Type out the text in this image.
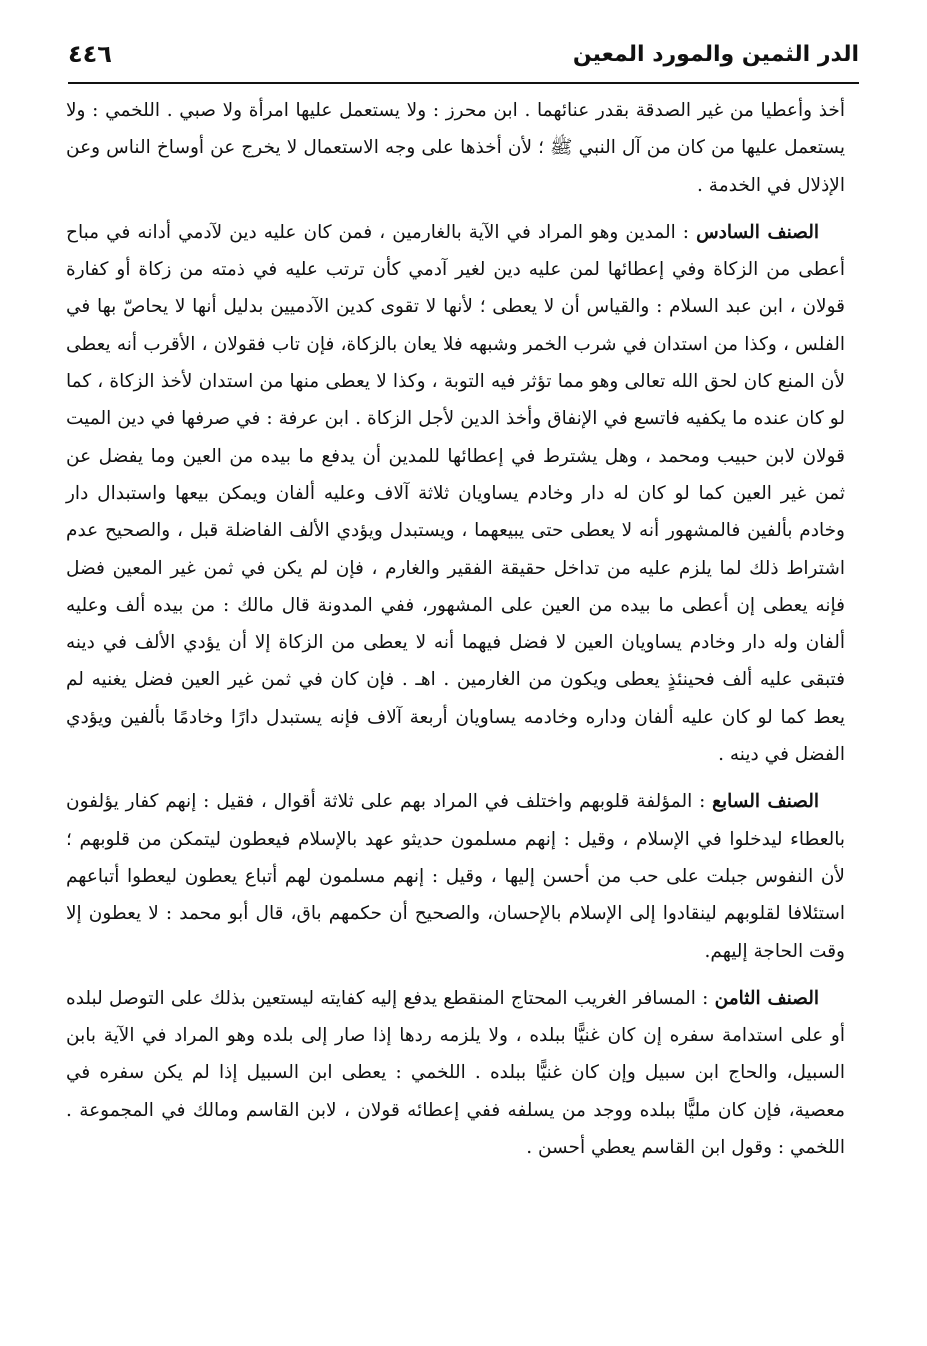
الدر الثمين والمورد المعين
٤٤٦

أخذ وأعطيا من غير الصدقة بقدر عنائهما . ابن محرز : ولا يستعمل عليها امرأة ولا صبي . اللخمي : ولا يستعمل عليها من كان من آل النبي ﷺ ؛ لأن أخذها على وجه الاستعمال لا يخرج عن أوساخ الناس وعن الإذلال في الخدمة .

الصنف السادس : المدين وهو المراد في الآية بالغارمين ، فمن كان عليه دين لآدمي أدانه في مباح أعطى من الزكاة وفي إعطائها لمن عليه دين لغير آدمي كأن ترتب عليه في ذمته من زكاة أو كفارة قولان ، ابن عبد السلام : والقياس أن لا يعطى ؛ لأنها لا تقوى كدين الآدميين بدليل أنها لا يحاصّ بها في الفلس ، وكذا من استدان في شرب الخمر وشبهه فلا يعان بالزكاة، فإن تاب فقولان ، الأقرب أنه يعطى لأن المنع كان لحق الله تعالى وهو مما تؤثر فيه التوبة ، وكذا لا يعطى منها من استدان لأخذ الزكاة ، كما لو كان عنده ما يكفيه فاتسع في الإنفاق وأخذ الدين لأجل الزكاة . ابن عرفة : في صرفها في دين الميت قولان لابن حبيب ومحمد ، وهل يشترط في إعطائها للمدين أن يدفع ما بيده من العين وما يفضل عن ثمن غير العين كما لو كان له دار وخادم يساويان ثلاثة آلاف وعليه ألفان ويمكن بيعها واستبدال دار وخادم بألفين فالمشهور أنه لا يعطى حتى يبيعهما ، ويستبدل ويؤدي الألف الفاضلة قبل ، والصحيح عدم اشتراط ذلك لما يلزم عليه من تداخل حقيقة الفقير والغارم ، فإن لم يكن في ثمن غير المعين فضل فإنه يعطى إن أعطى ما بيده من العين على المشهور، ففي المدونة قال مالك : من بيده ألف وعليه ألفان وله دار وخادم يساويان العين لا فضل فيهما أنه لا يعطى من الزكاة إلا أن يؤدي الألف في دينه فتبقى عليه ألف فحينئذٍ يعطى ويكون من الغارمين . اهـ . فإن كان في ثمن غير العين فضل يغنيه لم يعط كما لو كان عليه ألفان وداره وخادمه يساويان أربعة آلاف فإنه يستبدل دارًا وخادمًا بألفين ويؤدي الفضل في دينه .

الصنف السابع : المؤلفة قلوبهم واختلف في المراد بهم على ثلاثة أقوال ، فقيل : إنهم كفار يؤلفون بالعطاء ليدخلوا في الإسلام ، وقيل : إنهم مسلمون حديثو عهد بالإسلام فيعطون ليتمكن من قلوبهم ؛ لأن النفوس جبلت على حب من أحسن إليها ، وقيل : إنهم مسلمون لهم أتباع يعطون ليعطوا أتباعهم استئلافا لقلوبهم لينقادوا إلى الإسلام بالإحسان، والصحيح أن حكمهم باق، قال أبو محمد : لا يعطون إلا وقت الحاجة إليهم.

الصنف الثامن : المسافر الغريب المحتاج المنقطع يدفع إليه كفايته ليستعين بذلك على التوصل لبلده أو على استدامة سفره إن كان غنيًّا ببلده ، ولا يلزمه ردها إذا صار إلى بلده وهو المراد في الآية بابن السبيل، والحاج ابن سبيل وإن كان غنيًّا ببلده . اللخمي : يعطى ابن السبيل إذا لم يكن سفره في معصية، فإن كان مليًّا ببلده ووجد من يسلفه ففي إعطائه قولان ، لابن القاسم ومالك في المجموعة . اللخمي : وقول ابن القاسم يعطي أحسن .
